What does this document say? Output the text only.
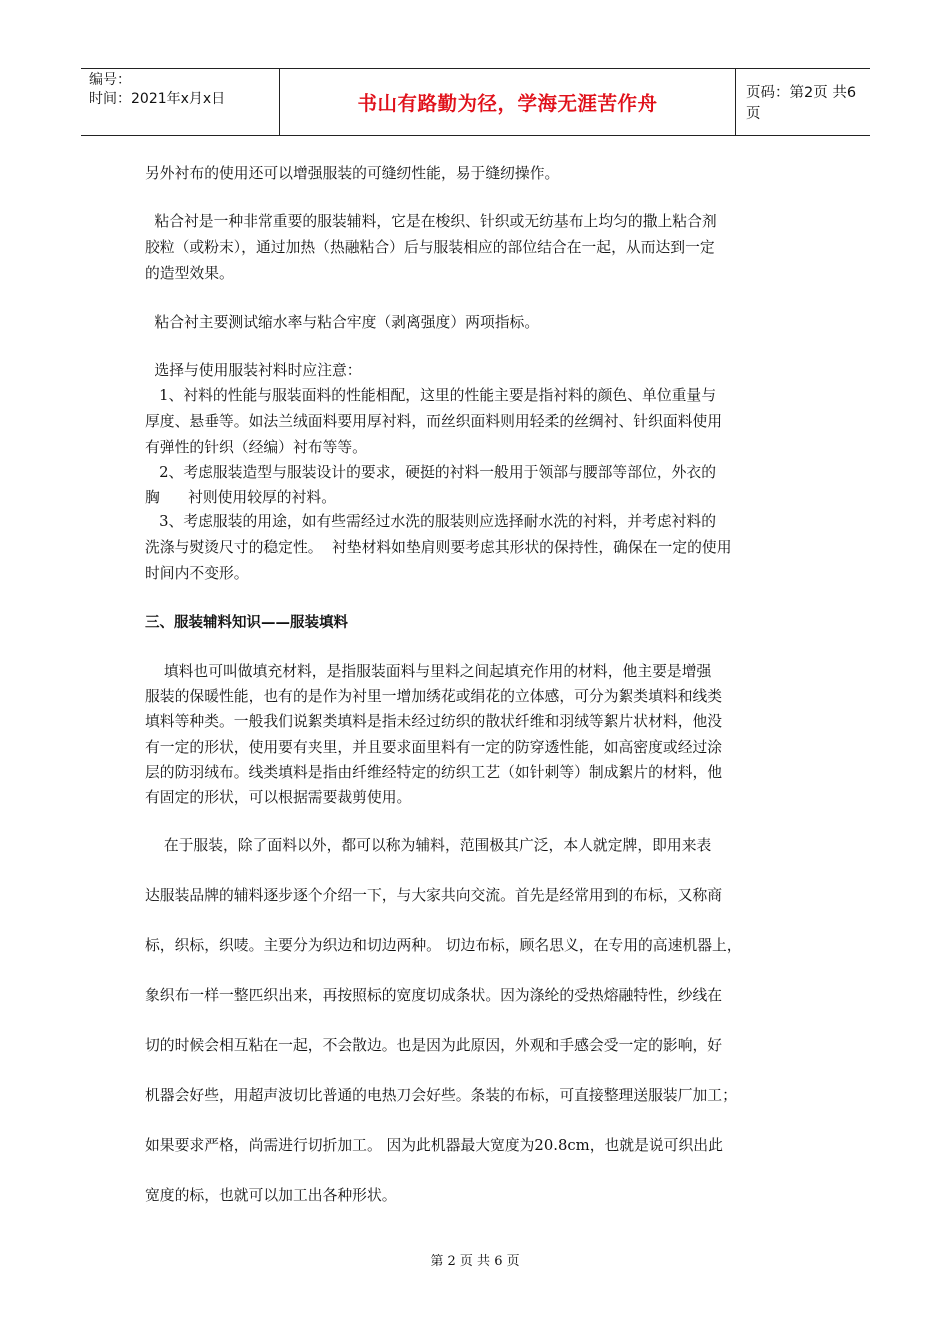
编号：
时间：2021年x月x日	书山有路勤为径，学海无涯苦作舟	页码：第2页 共6页
另外衬布的使用还可以增强服装的可缝纫性能，易于缝纫操作。
粘合衬是一种非常重要的服装辅料，它是在梭织、针织或无纺基布上均匀的撒上粘合剂
胶粒（或粉末），通过加热（热融粘合）后与服装相应的部位结合在一起，从而达到一定
的造型效果。
粘合衬主要测试缩水率与粘合牢度（剥离强度）两项指标。
选择与使用服装衬料时应注意：
1、衬料的性能与服装面料的性能相配，这里的性能主要是指衬料的颜色、单位重量与
厚度、悬垂等。如法兰绒面料要用厚衬料，而丝织面料则用轻柔的丝绸衬、针织面料使用
有弹性的针织（经编）衬布等等。
2、考虑服装造型与服装设计的要求，硬挺的衬料一般用于领部与腰部等部位，外衣的
胸      衬则使用较厚的衬料。
3、考虑服装的用途，如有些需经过水洗的服装则应选择耐水洗的衬料，并考虑衬料的
洗涤与熨烫尺寸的稳定性。  衬垫材料如垫肩则要考虑其形状的保持性，确保在一定的使用
时间内不变形。
三、服装辅料知识——服装填料
填料也可叫做填充材料，是指服装面料与里料之间起填充作用的材料，他主要是增强
服装的保暖性能，也有的是作为衬里一增加绣花或绢花的立体感，可分为絮类填料和线类
填料等种类。一般我们说絮类填料是指未经过纺织的散状纤维和羽绒等絮片状材料，他没
有一定的形状，使用要有夹里，并且要求面里料有一定的防穿透性能，如高密度或经过涂
层的防羽绒布。线类填料是指由纤维经特定的纺织工艺（如针刺等）制成絮片的材料，他
有固定的形状，可以根据需要裁剪使用。
在于服装，除了面料以外，都可以称为辅料，范围极其广泛，本人就定牌，即用来表
达服装品牌的辅料逐步逐个介绍一下，与大家共向交流。首先是经常用到的布标，又称商
标，织标，织唛。主要分为织边和切边两种。 切边布标，顾名思义，在专用的高速机器上，
象织布一样一整匹织出来，再按照标的宽度切成条状。因为涤纶的受热熔融特性，纱线在
切的时候会相互粘在一起，不会散边。也是因为此原因，外观和手感会受一定的影响，好
机器会好些，用超声波切比普通的电热刀会好些。条装的布标，可直接整理送服装厂加工；
如果要求严格，尚需进行切折加工。 因为此机器最大宽度为20.8cm，也就是说可织出此
宽度的标，也就可以加工出各种形状。
第 2 页 共 6 页
